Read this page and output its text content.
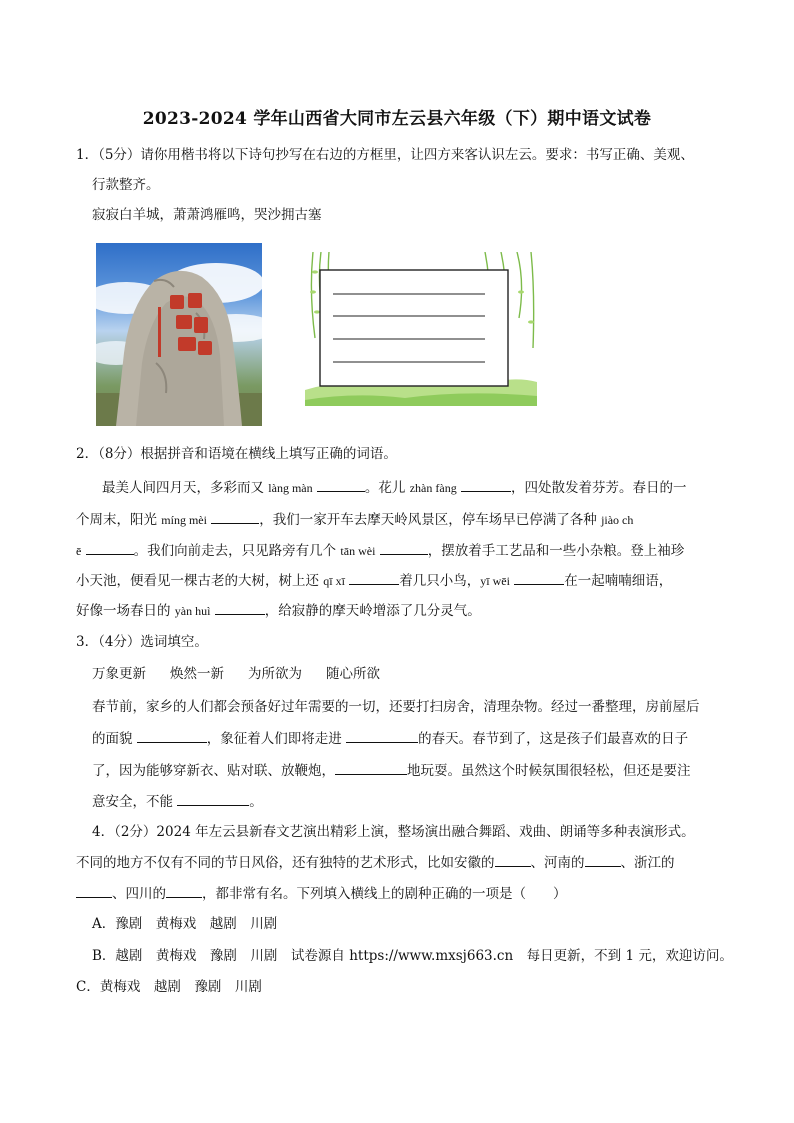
2023-2024 学年山西省大同市左云县六年级（下）期中语文试卷
1．（5分）请你用楷书将以下诗句抄写在右边的方框里，让四方来客认识左云。要求：书写正确、美观、
行款整齐。
寂寂白羊城，萧萧鸿雁鸣，哭沙拥古塞
2．（8分）根据拼音和语境在横线上填写正确的词语。
最美人间四月天，多彩而又 làng màn	。花儿 zhàn fàng	，四处散发着芬芳。春日的一
个周末，阳光 míng mèi	，我们一家开车去摩天岭风景区，停车场早已停满了各种 jiào ch
ē	。我们向前走去，只见路旁有几个 tān wèi	，摆放着手工艺品和一些小杂粮。登上袖珍
小天池，便看见一棵古老的大树，树上还 qī xī	着几只小鸟，yī wēi	在一起喃喃细语，
好像一场春日的 yàn huì	，给寂静的摩天岭增添了几分灵气。
3．（4分）选词填空。
万象更新 焕然一新 为所欲为 随心所欲
春节前，家乡的人们都会预备好过年需要的一切，还要打扫房舍，清理杂物。经过一番整理，房前屋后
的面貌	，象征着人们即将走进	的春天。春节到了，这是孩子们最喜欢的日子
了，因为能够穿新衣、贴对联、放鞭炮，	地玩耍。虽然这个时候氛围很轻松，但还是要注
意安全，不能	。
4．（2分）2024 年左云县新春文艺演出精彩上演，整场演出融合舞蹈、戏曲、朗诵等多种表演形式。
不同的地方不仅有不同的节日风俗，还有独特的艺术形式，比如安徽的	、河南的	、浙江的
、四川的	，都非常有名。下列填入横线上的剧种正确的一项是（　　）
A．豫剧　黄梅戏　越剧　川剧
B．越剧　黄梅戏　豫剧　川剧　试卷源自 https://www.mxsj663.cn　每日更新，不到 1 元，欢迎访问。
C．黄梅戏　越剧　豫剧　川剧
